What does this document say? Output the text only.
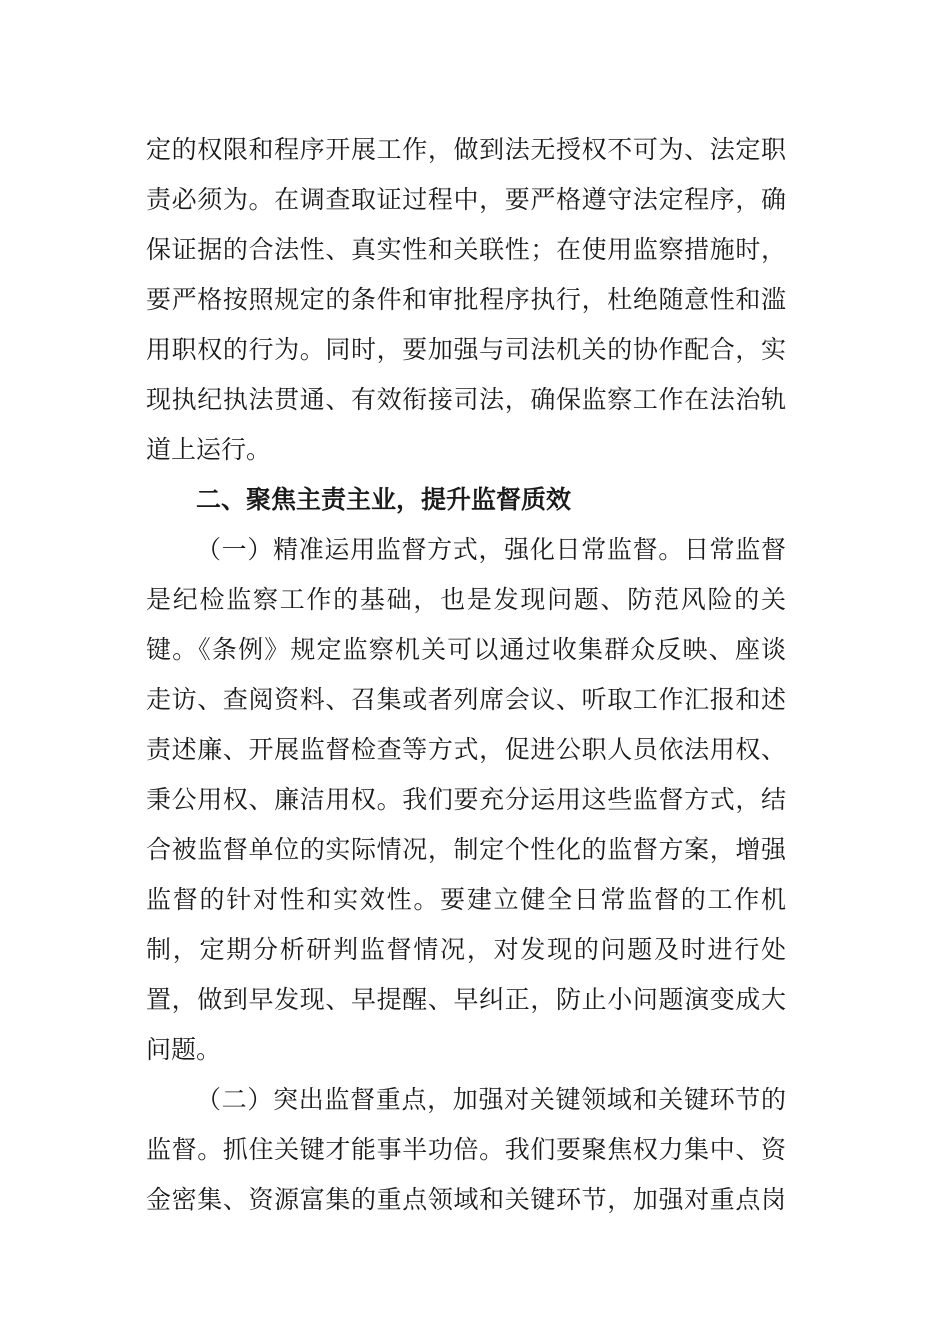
定的权限和程序开展工作，做到法无授权不可为、法定职
责必须为。在调查取证过程中，要严格遵守法定程序，确
保证据的合法性、真实性和关联性；在使用监察措施时，
要严格按照规定的条件和审批程序执行，杜绝随意性和滥
用职权的行为。同时，要加强与司法机关的协作配合，实
现执纪执法贯通、有效衔接司法，确保监察工作在法治轨
道上运行。
二、聚焦主责主业，提升监督质效
（一）精准运用监督方式，强化日常监督。日常监督
是纪检监察工作的基础，也是发现问题、防范风险的关
键。《条例》规定监察机关可以通过收集群众反映、座谈
走访、查阅资料、召集或者列席会议、听取工作汇报和述
责述廉、开展监督检查等方式，促进公职人员依法用权、
秉公用权、廉洁用权。我们要充分运用这些监督方式，结
合被监督单位的实际情况，制定个性化的监督方案，增强
监督的针对性和实效性。要建立健全日常监督的工作机
制，定期分析研判监督情况，对发现的问题及时进行处
置，做到早发现、早提醒、早纠正，防止小问题演变成大
问题。
（二）突出监督重点，加强对关键领域和关键环节的
监督。抓住关键才能事半功倍。我们要聚焦权力集中、资
金密集、资源富集的重点领域和关键环节，加强对重点岗
